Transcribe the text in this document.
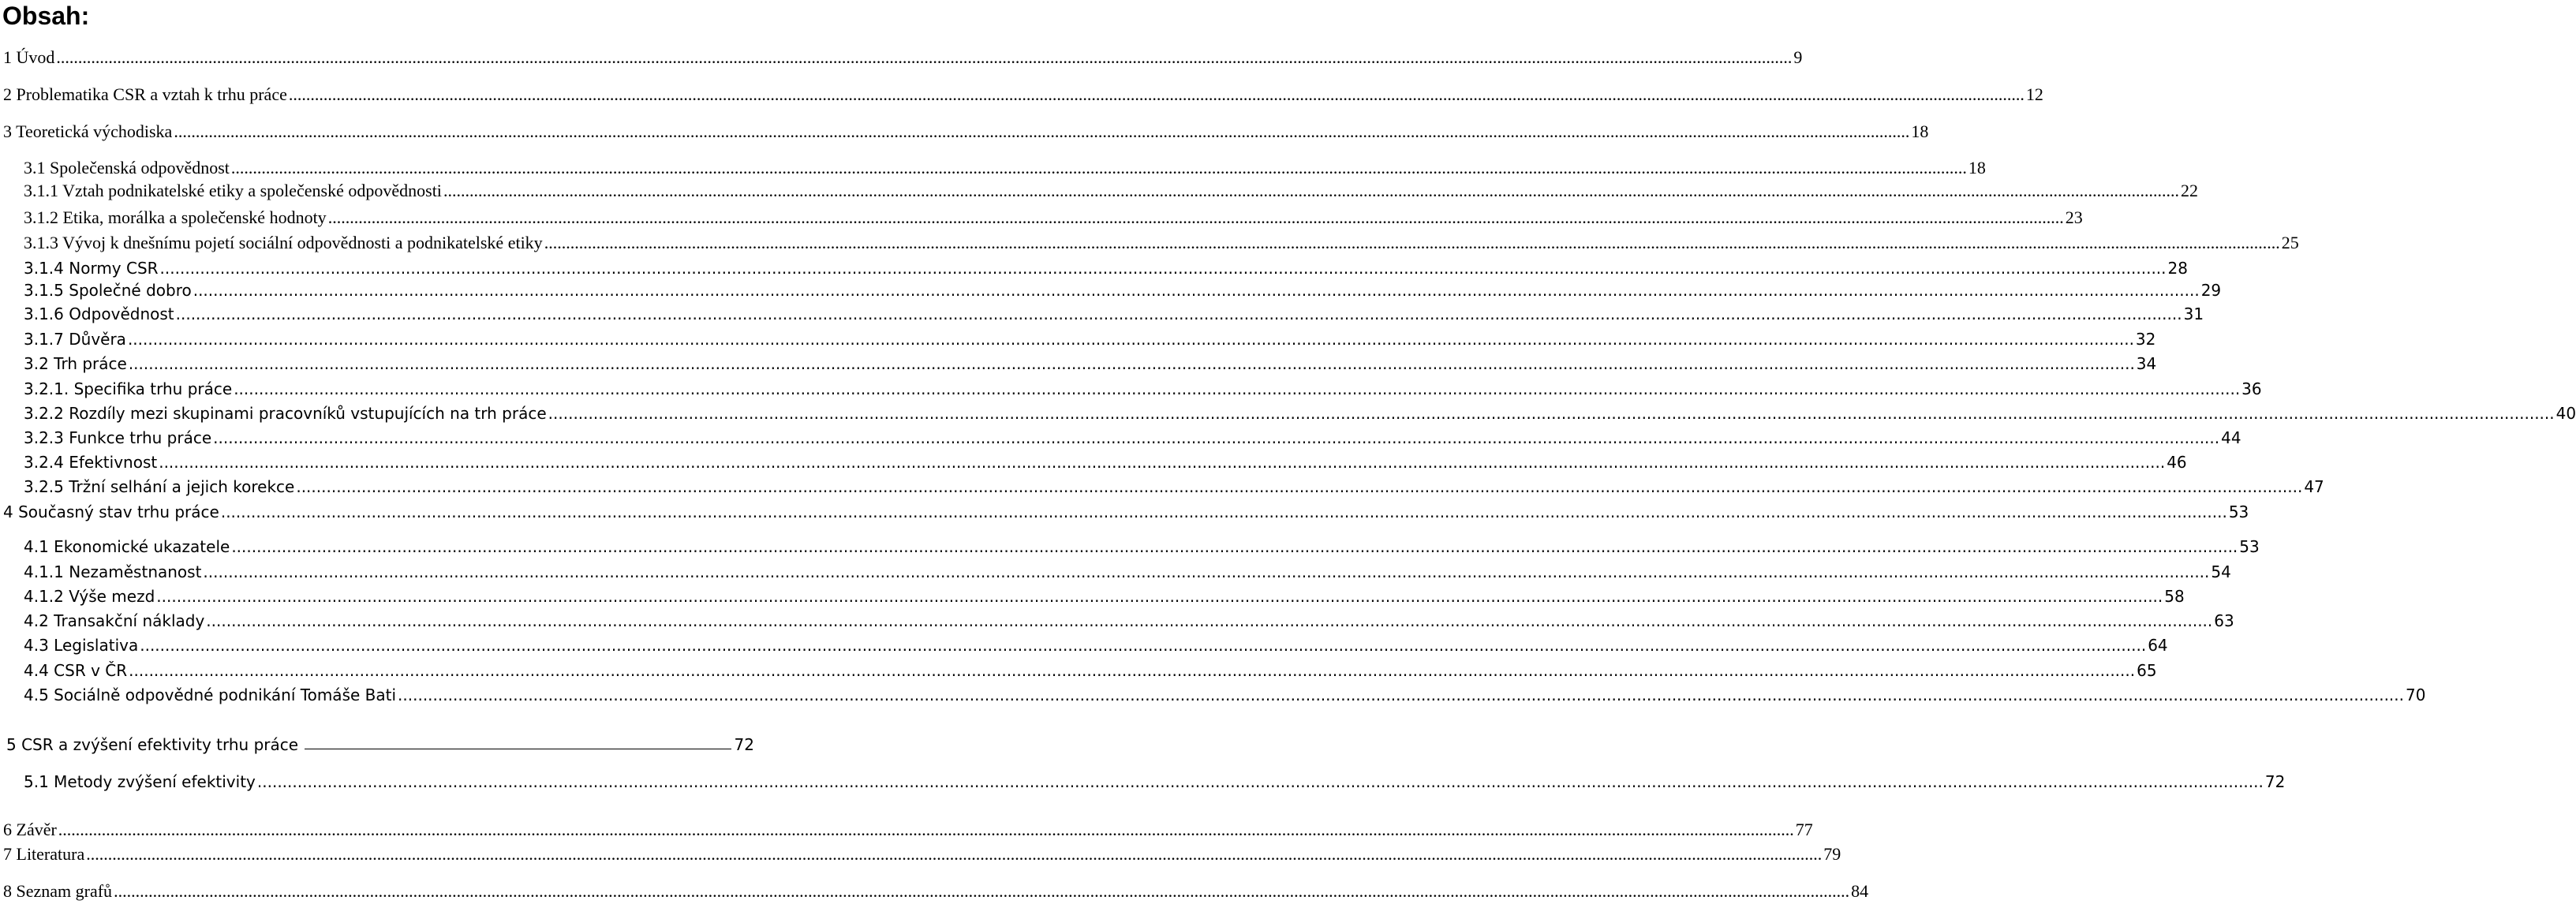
Obsah:
1 Úvod ................................................................................................................................................................................................................................................................................................................................................................................................................ 9
2 Problematika CSR a vztah k trhu práce ................................................................................................................................................................................................................................................................................................................................................................................................................ 12
3 Teoretická východiska ................................................................................................................................................................................................................................................................................................................................................................................................................ 18
3.1 Společenská odpovědnost ................................................................................................................................................................................................................................................................................................................................................................................................................ 18
3.1.1 Vztah podnikatelské etiky a společenské odpovědnosti ................................................................................................................................................................................................................................................................................................................................................................................................................ 22
3.1.2 Etika, morálka a společenské hodnoty ................................................................................................................................................................................................................................................................................................................................................................................................................ 23
3.1.3 Vývoj k dnešnímu pojetí sociální odpovědnosti a podnikatelské etiky ................................................................................................................................................................................................................................................................................................................................................................................................................ 25
3.1.4 Normy CSR ................................................................................................................................................................................................................................................................................................................................................................................................................ 28
3.1.5 Společné dobro ................................................................................................................................................................................................................................................................................................................................................................................................................ 29
3.1.6 Odpovědnost ................................................................................................................................................................................................................................................................................................................................................................................................................ 31
3.1.7 Důvěra ................................................................................................................................................................................................................................................................................................................................................................................................................ 32
3.2 Trh práce ................................................................................................................................................................................................................................................................................................................................................................................................................ 34
3.2.1. Specifika trhu práce ................................................................................................................................................................................................................................................................................................................................................................................................................ 36
3.2.2 Rozdíly mezi skupinami pracovníků vstupujících na trh práce ................................................................................................................................................................................................................................................................................................................................................................................................................ 40
3.2.3 Funkce trhu práce ................................................................................................................................................................................................................................................................................................................................................................................................................ 44
3.2.4 Efektivnost ................................................................................................................................................................................................................................................................................................................................................................................................................ 46
3.2.5 Tržní selhání a jejich korekce ................................................................................................................................................................................................................................................................................................................................................................................................................ 47
4 Současný stav trhu práce ................................................................................................................................................................................................................................................................................................................................................................................................................ 53
4.1 Ekonomické ukazatele ................................................................................................................................................................................................................................................................................................................................................................................................................ 53
4.1.1 Nezaměstnanost ................................................................................................................................................................................................................................................................................................................................................................................................................ 54
4.1.2 Výše mezd ................................................................................................................................................................................................................................................................................................................................................................................................................ 58
4.2 Transakční náklady ................................................................................................................................................................................................................................................................................................................................................................................................................ 63
4.3 Legislativa ................................................................................................................................................................................................................................................................................................................................................................................................................ 64
4.4 CSR v ČR ................................................................................................................................................................................................................................................................................................................................................................................................................ 65
4.5 Sociálně odpovědné podnikání Tomáše Bati ................................................................................................................................................................................................................................................................................................................................................................................................................ 70
5 CSR a zvýšení efektivity trhu práce	72
5.1 Metody zvýšení efektivity ................................................................................................................................................................................................................................................................................................................................................................................................................ 72
6 Závěr ................................................................................................................................................................................................................................................................................................................................................................................................................ 77
7 Literatura ................................................................................................................................................................................................................................................................................................................................................................................................................ 79
8 Seznam grafů ................................................................................................................................................................................................................................................................................................................................................................................................................ 84
